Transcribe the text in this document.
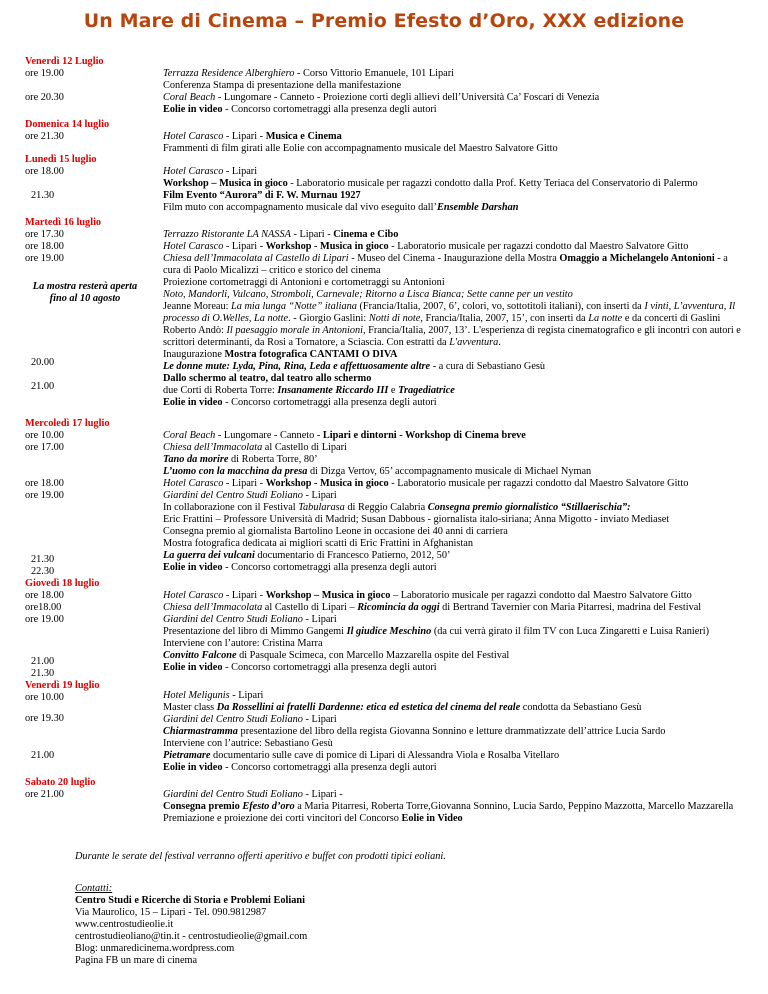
Un Mare di Cinema – Premio Efesto d’Oro, XXX edizione
Venerdì 12 Luglio
ore 19.00
ore 20.30
Domenica 14 luglio
ore 21.30
Lunedì 15 luglio
ore 18.00
21.30
Martedì 16 luglio
ore 17.30
ore 18.00
ore 19.00
La mostra resterà aperta fino al 10 agosto
20.00
21.00
Mercoledì 17 luglio
ore 10.00
ore 17.00
ore 18.00
ore 19.00
21.30
22.30
Giovedì 18 luglio
ore 18.00
ore18.00
ore 19.00
21.00
21.30
Venerdì 19 luglio
ore 10.00
ore 19.30
21.00
Sabato 20 luglio
ore 21.00

Terrazza Residence Alberghiero - Corso Vittorio Emanuele, 101 Lipari

Conferenza Stampa di presentazione della manifestazione

Coral Beach - Lungomare - Canneto - Proiezione corti degli allievi dell’Università Ca’ Foscari di Venezia

Eolie in video - Concorso cortometraggi alla presenza degli autori

Hotel Carasco - Lipari - Musica e Cinema

Frammenti di film girati alle Eolie con accompagnamento musicale del Maestro Salvatore Gitto

Hotel Carasco - Lipari

Workshop – Musica in gioco - Laboratorio musicale per ragazzi condotto dalla Prof. Ketty Teriaca del Conservatorio di Palermo

Film Evento “Aurora” di F. W. Murnau 1927

Film muto con accompagnamento musicale dal vivo eseguito dall’Ensemble Darshan

Terrazzo Ristorante LA NASSA - Lipari - Cinema e Cibo

Hotel Carasco - Lipari - Workshop - Musica in gioco - Laboratorio musicale per ragazzi condotto dal Maestro Salvatore Gitto

Chiesa dell’Immacolata al Castello di Lipari - Museo del Cinema - Inaugurazione della Mostra Omaggio a Michelangelo Antonioni - a cura di Paolo Micalizzi – critico e storico del cinema

Proiezione cortometraggi di Antonioni e cortometraggi su Antonioni

Noto, Mandorli, Vulcano, Stromboli, Carnevale; Ritorno a Lisca Bianca; Sette canne per un vestito

Jeanne Moreau: La mia lunga “Notte” italiana (Francia/Italia, 2007, 6’, colori, vo, sottotitoli italiani), con inserti da I vinti, L’avventura, Il processo di O.Welles, La notte. - Giorgio Gaslini: Notti di note, Francia/Italia, 2007, 15’, con inserti da La notte e da concerti di Gaslini

Roberto Andò: Il paesaggio morale in Antonioni, Francia/Italia, 2007, 13’. L'esperienza di regista cinematografico e gli incontri con autori e scrittori determinanti, da Rosi a Tornatore, a Sciascia. Con estratti da L'avventura.

Inaugurazione Mostra fotografica CANTAMI O DIVA

Le donne mute: Lyda, Pina, Rina, Leda e affettuosamente altre - a cura di Sebastiano Gesù

Dallo schermo al teatro, dal teatro allo schermo

due Corti di Roberta Torre: Insanamente Riccardo III e Tragediatrice

Eolie in video - Concorso cortometraggi alla presenza degli autori

Coral Beach - Lungomare - Canneto - Lipari e dintorni - Workshop di Cinema breve

Chiesa dell’Immacolata al Castello di Lipari

Tano da morire di Roberta Torre, 80’

L’uomo con la macchina da presa di Dizga Vertov, 65’ accompagnamento musicale di Michael Nyman

Hotel Carasco - Lipari - Workshop - Musica in gioco - Laboratorio musicale per ragazzi condotto dal Maestro Salvatore Gitto

Giardini del Centro Studi Eoliano - Lipari

In collaborazione con il Festival Tabularasa di Reggio Calabria Consegna premio giornalistico “Stillaerischia”:

Eric Frattini – Professore Università di Madrid; Susan Dabbous - giornalista italo-siriana; Anna Migotto - inviato Mediaset

Consegna premio al giornalista Bartolino Leone in occasione dei 40 anni di carriera

Mostra fotografica dedicata ai migliori scatti di Eric Frattini in Afghanistan

La guerra dei vulcani documentario di Francesco Patierno, 2012, 50’

Eolie in video - Concorso cortometraggi alla presenza degli autori

Hotel Carasco - Lipari - Workshop – Musica in gioco – Laboratorio musicale per ragazzi condotto dal Maestro Salvatore Gitto

Chiesa dell’Immacolata al Castello di Lipari – Ricomincia da oggi di Bertrand Tavernier con Maria Pitarresi, madrina del Festival

Giardini del Centro Studi Eoliano - Lipari

Presentazione del libro di Mimmo Gangemi Il giudice Meschino (da cui verrà girato il film TV con Luca Zingaretti e Luisa Ranieri)

Interviene con l’autore: Cristina Marra

Convitto Falcone di Pasquale Scimeca, con Marcello Mazzarella ospite del Festival

Eolie in video - Concorso cortometraggi alla presenza degli autori

Hotel Meligunis - Lipari

Master class Da Rossellini ai fratelli Dardenne: etica ed estetica del cinema del reale condotta da Sebastiano Gesù

Giardini del Centro Studi Eoliano - Lipari

Chiarmastramma presentazione del libro della regista Giovanna Sonnino e letture drammatizzate dell’attrice Lucia Sardo

Interviene con l’autrice: Sebastiano Gesù

Pietramare documentario sulle cave di pomice di Lipari di Alessandra Viola e Rosalba Vitellaro

Eolie in video - Concorso cortometraggi alla presenza degli autori

Giardini del Centro Studi Eoliano - Lipari -

Consegna premio Efesto d’oro a Maria Pitarresi, Roberta Torre,Giovanna Sonnino, Lucia Sardo, Peppino Mazzotta, Marcello Mazzarella

Premiazione e proiezione dei corti vincitori del Concorso Eolie in Video

Durante le serate del festival verranno offerti aperitivo e buffet con prodotti tipici eoliani.

Contatti:

Centro Studi e Ricerche di Storia e Problemi Eoliani

Via Maurolico, 15 – Lipari - Tel. 090.9812987

www.centrostudieolie.it

centrostudieoliano@tin.it - centrostudieolie@gmail.com

Blog: unmaredicinema.wordpress.com

Pagina FB un mare di cinema
